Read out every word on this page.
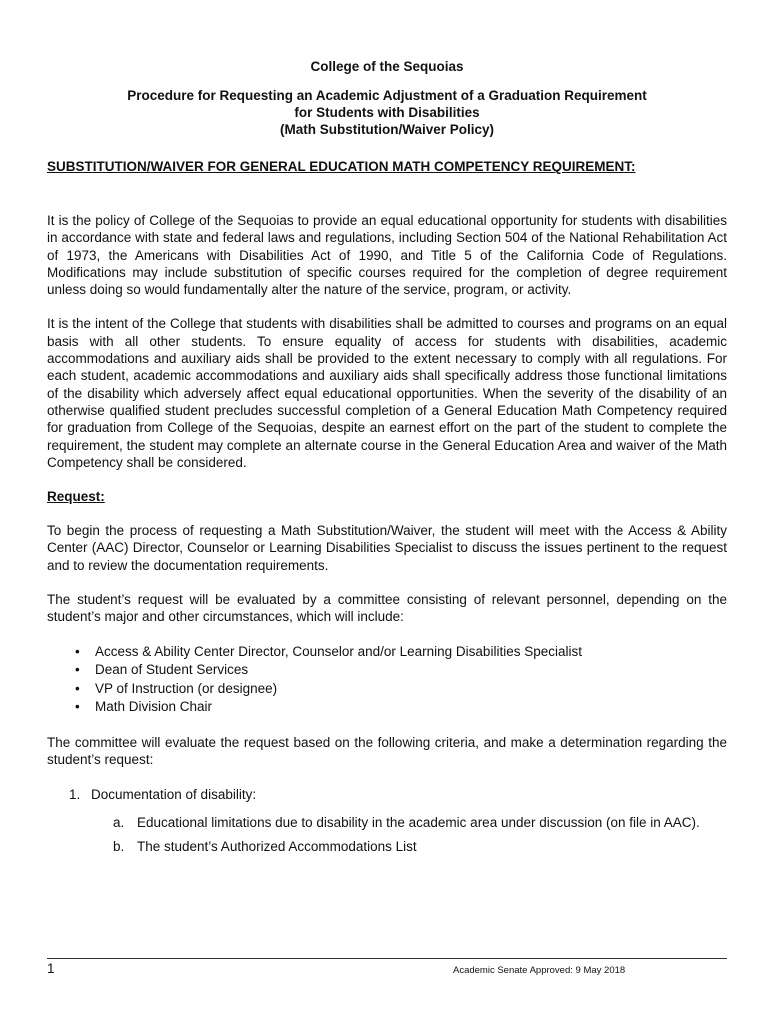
College of the Sequoias
Procedure for Requesting an Academic Adjustment of a Graduation Requirement
for Students with Disabilities
(Math Substitution/Waiver Policy)
SUBSTITUTION/WAIVER FOR GENERAL EDUCATION MATH COMPETENCY REQUIREMENT:

It is the policy of College of the Sequoias to provide an equal educational opportunity for students with disabilities in accordance with state and federal laws and regulations, including Section 504 of the National Rehabilitation Act of 1973, the Americans with Disabilities Act of 1990, and Title 5 of the California Code of Regulations. Modifications may include substitution of specific courses required for the completion of degree requirement unless doing so would fundamentally alter the nature of the service, program, or activity.

It is the intent of the College that students with disabilities shall be admitted to courses and programs on an equal basis with all other students. To ensure equality of access for students with disabilities, academic accommodations and auxiliary aids shall be provided to the extent necessary to comply with all regulations. For each student, academic accommodations and auxiliary aids shall specifically address those functional limitations of the disability which adversely affect equal educational opportunities. When the severity of the disability of an otherwise qualified student precludes successful completion of a General Education Math Competency required for graduation from College of the Sequoias, despite an earnest effort on the part of the student to complete the requirement, the student may complete an alternate course in the General Education Area and waiver of the Math Competency shall be considered.

Request:

To begin the process of requesting a Math Substitution/Waiver, the student will meet with the Access & Ability Center (AAC) Director, Counselor or Learning Disabilities Specialist to discuss the issues pertinent to the request and to review the documentation requirements.

The student’s request will be evaluated by a committee consisting of relevant personnel, depending on the student’s major and other circumstances, which will include:

• Access & Ability Center Director, Counselor and/or Learning Disabilities Specialist
• Dean of Student Services
• VP of Instruction (or designee)
• Math Division Chair

The committee will evaluate the request based on the following criteria, and make a determination regarding the student’s request:

1. Documentation of disability:
a. Educational limitations due to disability in the academic area under discussion (on file in AAC).
b. The student’s Authorized Accommodations List
1	Academic Senate Approved: 9 May 2018
